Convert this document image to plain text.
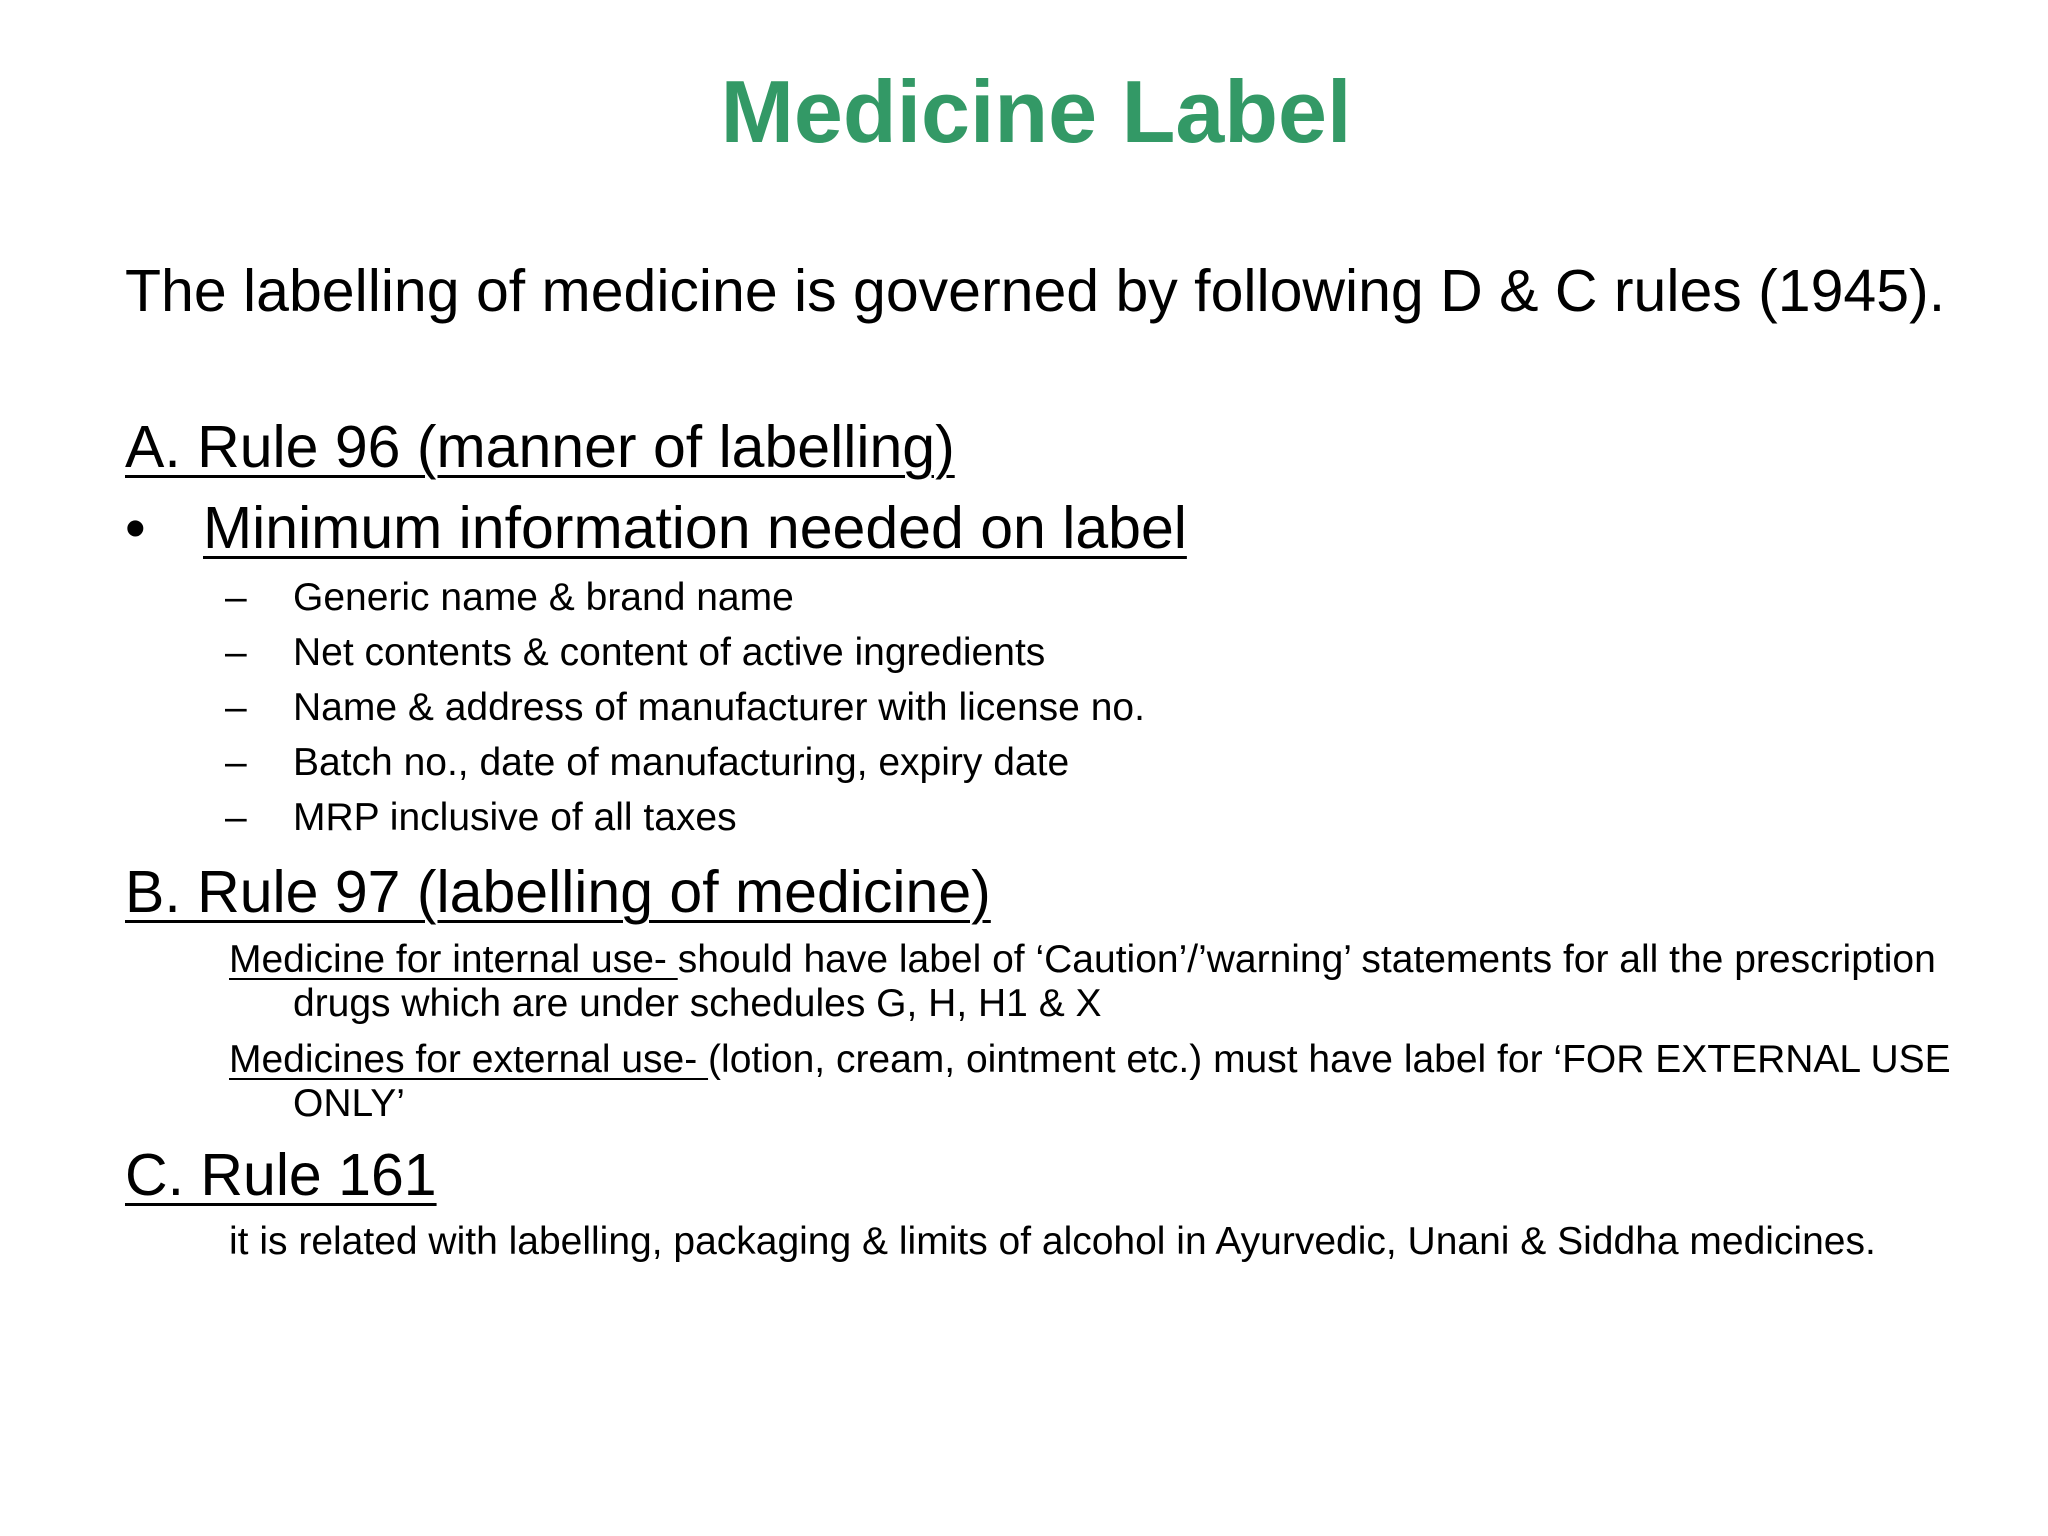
Medicine Label
The labelling of medicine is governed by following D & C rules (1945).
A. Rule 96 (manner of labelling)
• Minimum information needed on label
– Generic name & brand name
– Net contents & content of active ingredients
– Name & address of manufacturer with license no.
– Batch no., date of manufacturing, expiry date
– MRP inclusive of all taxes
B. Rule 97 (labelling of medicine)
Medicine for internal use- should have label of ‘Caution’/’warning’ statements for all the prescription drugs which are under schedules G, H, H1 & X
Medicines for external use- (lotion, cream, ointment etc.) must have label for ‘FOR EXTERNAL USE ONLY’
C. Rule 161
it is related with labelling, packaging & limits of alcohol in Ayurvedic, Unani & Siddha medicines.
